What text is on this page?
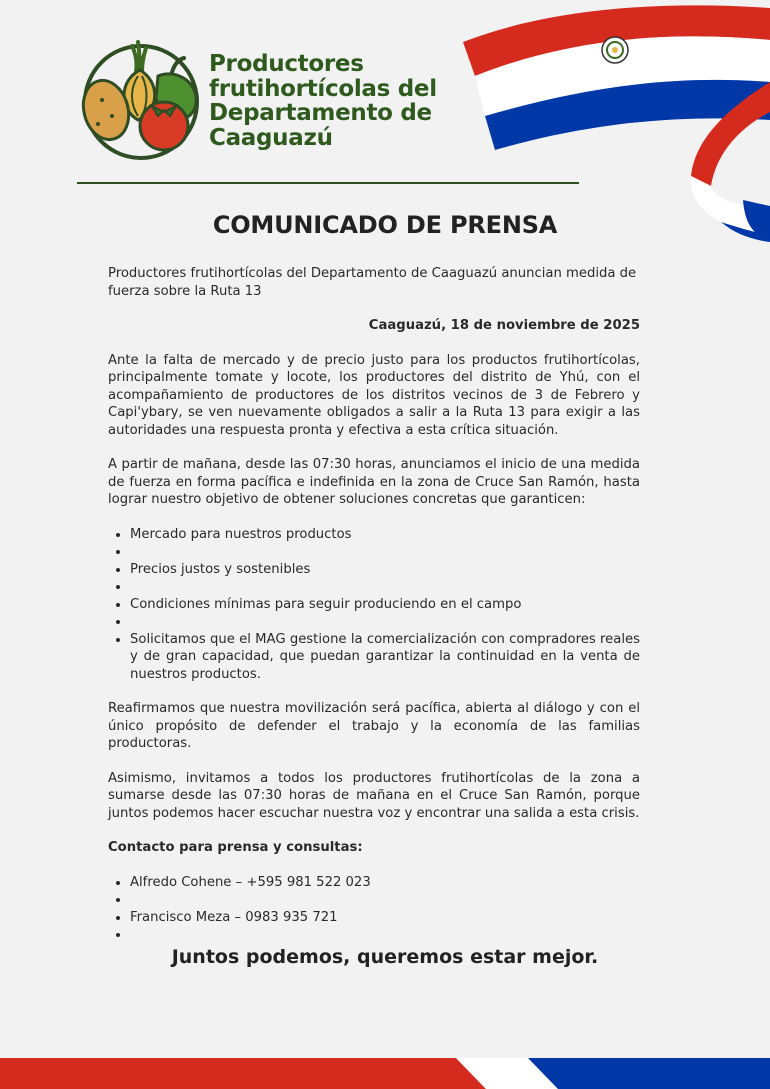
Productores frutihortícolas del Departamento de Caaguazú
COMUNICADO DE PRENSA

Productores frutihortícolas del Departamento de Caaguazú anuncian medida de fuerza sobre la Ruta 13

Caaguazú, 18 de noviembre de 2025

Ante la falta de mercado y de precio justo para los productos frutihortícolas, principalmente tomate y locote, los productores del distrito de Yhú, con el acompañamiento de productores de los distritos vecinos de 3 de Febrero y Capi'ybary, se ven nuevamente obligados a salir a la Ruta 13 para exigir a las autoridades una respuesta pronta y efectiva a esta crítica situación.

A partir de mañana, desde las 07:30 horas, anunciamos el inicio de una medida de fuerza en forma pacífica e indefinida en la zona de Cruce San Ramón, hasta lograr nuestro objetivo de obtener soluciones concretas que garanticen:

• Mercado para nuestros productos
•
• Precios justos y sostenibles
•
• Condiciones mínimas para seguir produciendo en el campo
•
• Solicitamos que el MAG gestione la comercialización con compradores reales y de gran capacidad, que puedan garantizar la continuidad en la venta de nuestros productos.

Reafirmamos que nuestra movilización será pacífica, abierta al diálogo y con el único propósito de defender el trabajo y la economía de las familias productoras.

Asimismo, invitamos a todos los productores frutihortícolas de la zona a sumarse desde las 07:30 horas de mañana en el Cruce San Ramón, porque juntos podemos hacer escuchar nuestra voz y encontrar una salida a esta crisis.

Contacto para prensa y consultas:

• Alfredo Cohene – +595 981 522 023
•
• Francisco Meza – 0983 935 721
•
Juntos podemos, queremos estar mejor.
